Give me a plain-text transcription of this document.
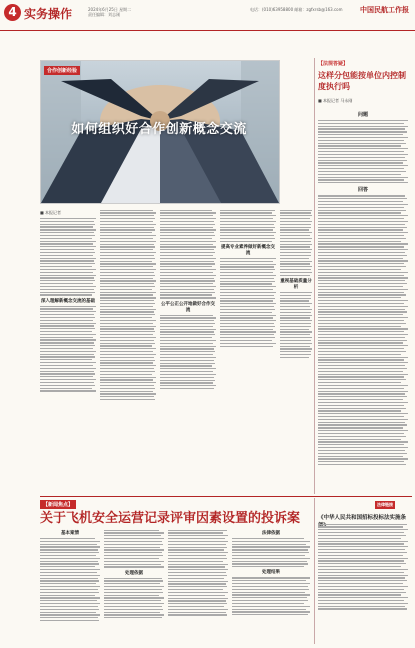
4 实务操作	2024年6月25日 星期二
责任编辑：刘志刚
电话：(010)63958800 邮箱：zgfxrsb@163.com 中国民航工作报
合作创新经验
如何组织好合作创新概念交流
■ 本报记者
深入理解新概念交流的基础
公平公正公开地做好合作交流
提高专业素养做好新概念交流
重视基础质量分析
【法规答疑】
这样分包能按单位内控制度执行吗
■ 本报记者 马永刚
问题
回答
【新闻焦点】
关于飞机安全运营记录评审因素设置的投诉案
基本案情
处理依据
法律依据
处理结果
法律链接
《中华人民共和国招标投标法实施条
